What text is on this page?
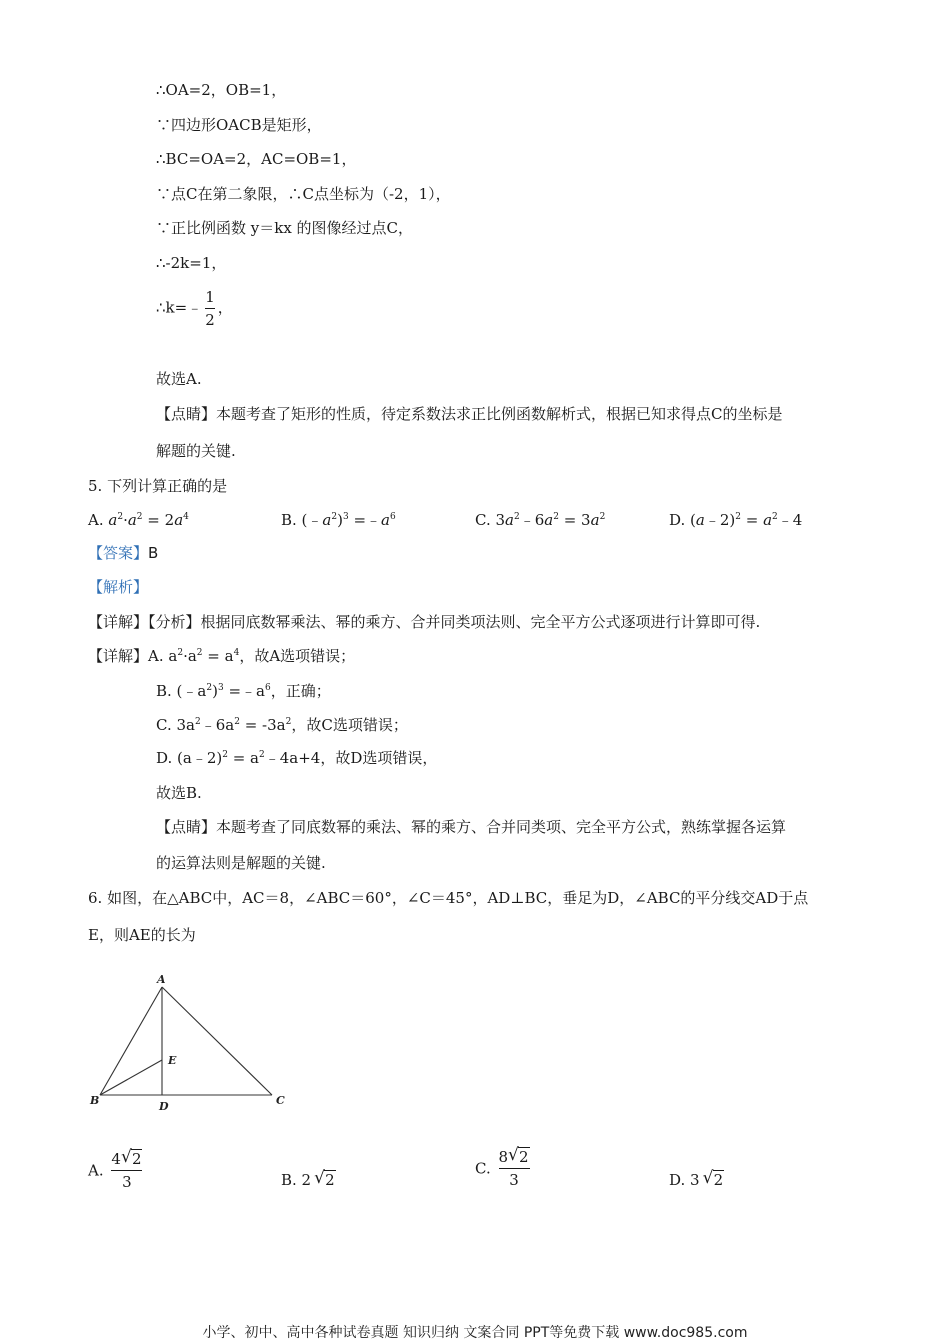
∴OA=2，OB=1，
∵四边形OACB是矩形，
∴BC=OA=2，AC=OB=1，
∵点C在第二象限，∴C点坐标为（-2，1），
∵正比例函数 y＝kx 的图像经过点C，
∴-2k=1，
∴k=﹣ $\frac{1}{2}$ ，
故选A.
【点睛】本题考查了矩形的性质，待定系数法求正比例函数解析式，根据已知求得点C的坐标是
解题的关键.
5. 下列计算正确的是
A. $a^2\cdot a^2 = 2a^4$	B. $(﹣a^2)^3$ $=﹣a^6$	C. $3a^2﹣6a^2 = 3a^2$	D. (a﹣2)$^2$ = $a^2﹣4$
【答案】B
【解析】
【详解】【分析】根据同底数幂乘法、幂的乘方、合并同类项法则、完全平方公式逐项进行计算即可得.
【详解】A. $a^2\cdot a^2 = a^4$，故A选项错误；
B. $(﹣a^2)^3$ $=﹣a^6$，正确；
C. $3a^2﹣6a^2 = -3a^2$，故C选项错误；
D. (a﹣2)$^2$ = $a^2﹣4a+4$，故D选项错误，
故选B.
【点睛】本题考查了同底数幂的乘法、幂的乘方、合并同类项、完全平方公式，熟练掌握各运算
的运算法则是解题的关键.
6. 如图，在△ABC中，AC＝8，∠ABC＝60°，∠C＝45°，AD⊥BC，垂足为D，∠ABC的平分线交AD于点
E，则AE的长为
A
B	C
D
E
A. $\frac{4 √ 2}{3}$	B. 2 √ 2
C. $\frac{8 √ 2}{3}$	D. 3 √ 2
小学、初中、高中各种试卷真题 知识归纳 文案合同 PPT等免费下载 www.doc985.com
